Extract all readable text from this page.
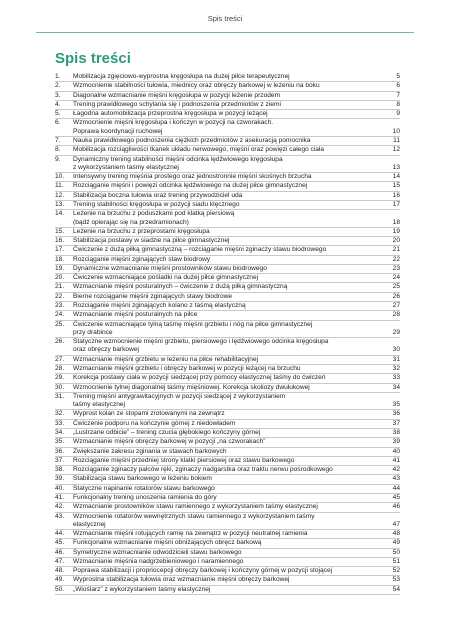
Spis treści
Spis treści
1.	Mobilizacja zgięciowo-wyprostna kręgosłupa na dużej piłce terapeutycznej	5
2.	Wzmocnienie stabilności tułowia, miednicy oraz obręczy barkowej w leżeniu na boku	6
3.	Diagonalne wzmacnianie mięśni kręgosłupa w pozycji leżenie przodem	7
4.	Trening prawidłowego schylania się i podnoszenia przedmiotów z ziemi	8
5.	Łagodna automobilizacja przeprostna kręgosłupa w pozycji leżącej	9
6.	Wzmocnienie mięśni kręgosłupa i kończyn w pozycji na czworakach.
Poprawa koordynacji ruchowej	10
7.	Nauka prawidłowego podnoszenia ciężkich przedmiotów z asekuracją pomocnika	11
8.	Mobilizacja rozciągliwości tkanek układu nerwowego, mięśni oraz powięzi całego ciała	12
9.	Dynamiczny trening stabilności mięśni odcinka lędźwiowego kręgosłupa
z wykorzystaniem taśmy elastycznej	13
10.	Intensywny trening mięśnia prostego oraz jednostronnie mięśni skośnych brzucha	14
11.	Rozciąganie mięśni i powięzi odcinka lędźwiowego na dużej piłce gimnastycznej	15
12.	Stabilizacja boczna tułowia oraz trening przywodziciel uda	16
13.	Trening stabilności kręgosłupa w pozycji siadu klęcznego	17
14.	Leżenie na brzuchu z poduszkami pod klatką piersiową
(bądź opierając się na przedramionach)	18
15.	Leżenie na brzuchu z przeprostami kręgosłupa	19
16.	Stabilizacja postawy w siadzie na piłce gimnastycznej	20
17.	Ćwiczenie z dużą piłką gimnastyczną – rozciąganie mięśni zginaczy stawu biodrowego	21
18.	Rozciąganie mięśni zginających staw biodrowy	22
19.	Dynamiczne wzmacnianie mięśni prostowników stawu biodrowego	23
20.	Ćwiczenie wzmacniające pośladki na dużej piłce gimnastycznej	24
21.	Wzmacnianie mięśni posturalnych – ćwiczenie z dużą piłką gimnastyczną	25
22.	Bierne rozciąganie mięśni zginających stawy biodrowe	26
23.	Rozciąganie mięśni zginających kolano z taśmą elastyczną	27
24.	Wzmacnianie mięśni posturalnych na piłce	28
25.	Ćwiczenie wzmacniające tylną taśmę mięśni grzbietu i nóg na piłce gimnastycznej
przy drabince	29
26.	Statyczne wzmocnienie mięśni grzbietu, piersiowego i lędźwiowego odcinka kręgosłupa
oraz obręczy barkowej	30
27.	Wzmacnianie mięśni grzbietu w leżeniu na piłce rehabilitacyjnej	31
28.	Wzmacnianie mięśni grzbietu i obręczy barkowej w pozycji leżącej na brzuchu	32
29.	Korekcja postawy ciała w pozycji siedzącej przy pomocy elastycznej taśmy do ćwiczeń	33
30.	Wzmocnienie tylnej diagonalnej taśmy mięśniowej. Korekcja skoliozy dwułukowej	34
31.	Trening mięśni antygrawitacyjnych w pozycji siedzącej z wykorzystaniem
taśmy elastycznej	35
32.	Wyprost kolan ze stopami zrotowanymi na zewnątrz	36
33.	Ćwiczenie podporu na kończynie górnej z niedowładem	37
34.	„Lustrzane odbicie” – trening czucia głębokiego kończyny górnej	38
35.	Wzmacnianie mięśni obręczy barkowej w pozycji „na czworakach”	39
36.	Zwiększanie zakresu zginania w stawach barkowych	40
37.	Rozciąganie mięśni przedniej strony klatki piersiowej oraz stawu barkowego	41
38.	Rozciąganie zginaczy palców ręki, zginaczy nadgarstka oraz traktu nerwu pośrodkowego	42
39.	Stabilizacja stawu barkowego w leżeniu bokiem	43
40.	Statyczne napinanie rotatorów stawu barkowego	44
41.	Funkcjonalny trening unoszenia ramienia do góry	45
42.	Wzmacnianie prostowników stawu ramiennego z wykorzystaniem taśmy elastycznej	46
43.	Wzmocnienie rotatorów wewnętrznych stawu ramiennego z wykorzystaniem taśmy
elastycznej	47
44.	Wzmacnianie mięśni rotujących ramię na zewnątrz w pozycji neutralnej ramienia	48
45.	Funkcjonalne wzmacnianie mięśni obniżających obręcz barkową	49
46.	Symetryczne wzmacnianie odwodzicieli stawu barkowego	50
47.	Wzmacnianie mięśnia nadgrzebieniowego i naramiennego	51
48.	Poprawa stabilizacji i propriocepcji obręczy barkowej i kończyny górnej w pozycji stojącej	52
49.	Wyprostna stabilizacja tułowia oraz wzmacnianie mięśni obręczy barkowej	53
50.	„Wioślarz” z wykorzystaniem taśmy elastycznej	54
